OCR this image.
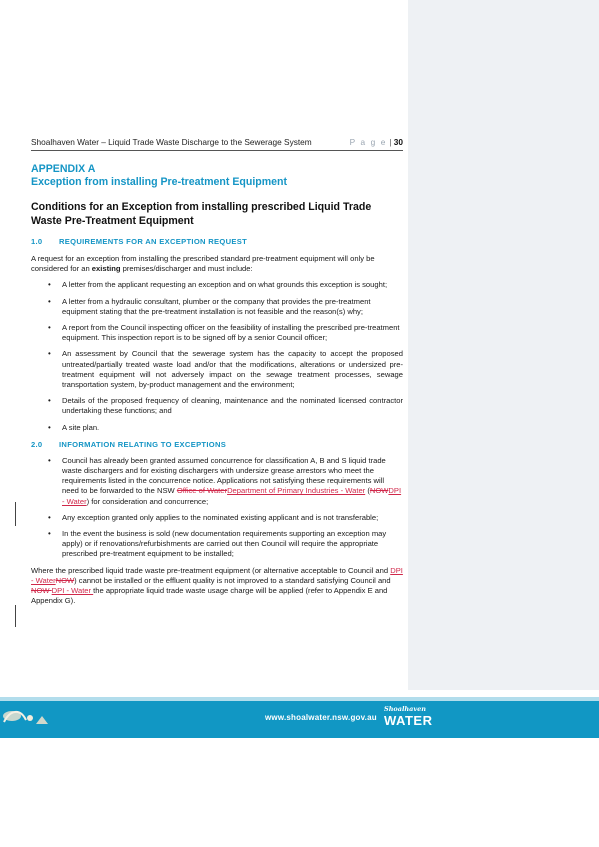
Shoalhaven Water – Liquid Trade Waste Discharge to the Sewerage System	P a g e | 30
APPENDIX A
Exception from installing Pre-treatment Equipment
Conditions for an Exception from installing prescribed Liquid Trade Waste Pre-Treatment Equipment
1.0	REQUIREMENTS FOR AN EXCEPTION REQUEST

A request for an exception from installing the prescribed standard pre-treatment equipment will only be considered for an existing premises/discharger and must include:

• A letter from the applicant requesting an exception and on what grounds this exception is sought;
• A letter from a hydraulic consultant, plumber or the company that provides the pre-treatment equipment stating that the pre-treatment installation is not feasible and the reason(s) why;
• A report from the Council inspecting officer on the feasibility of installing the prescribed pre-treatment equipment. This inspection report is to be signed off by a senior Council officer;
• An assessment by Council that the sewerage system has the capacity to accept the proposed untreated/partially treated waste load and/or that the modifications, alterations or undersized pre-treatment equipment will not adversely impact on the sewage treatment processes, sewage transportation system, by-product management and the environment;
• Details of the proposed frequency of cleaning, maintenance and the nominated licensed contractor undertaking these functions; and
• A site plan.
2.0	INFORMATION RELATING TO EXCEPTIONS
• Council has already been granted assumed concurrence for classification A, B and S liquid trade waste dischargers and for existing dischargers with undersize grease arrestors who meet the requirements listed in the concurrence notice. Applications not satisfying these requirements will need to be forwarded to the NSW Office of WaterDepartment of Primary Industries - Water (NOWDPI - Water) for consideration and concurrence;
• Any exception granted only applies to the nominated existing applicant and is not transferable;
• In the event the business is sold (new documentation requirements supporting an exception may apply) or if renovations/refurbishments are carried out then Council will require the appropriate prescribed pre-treatment equipment to be installed;

Where the prescribed liquid trade waste pre-treatment equipment (or alternative acceptable to Council and DPI - WaterNOW) cannot be installed or the effluent quality is not improved to a standard satisfying Council and NOW DPI - Water the appropriate liquid trade waste usage charge will be applied (refer to Appendix E and Appendix G).

www.shoalwater.nsw.gov.au
Shoalhaven
WATER
